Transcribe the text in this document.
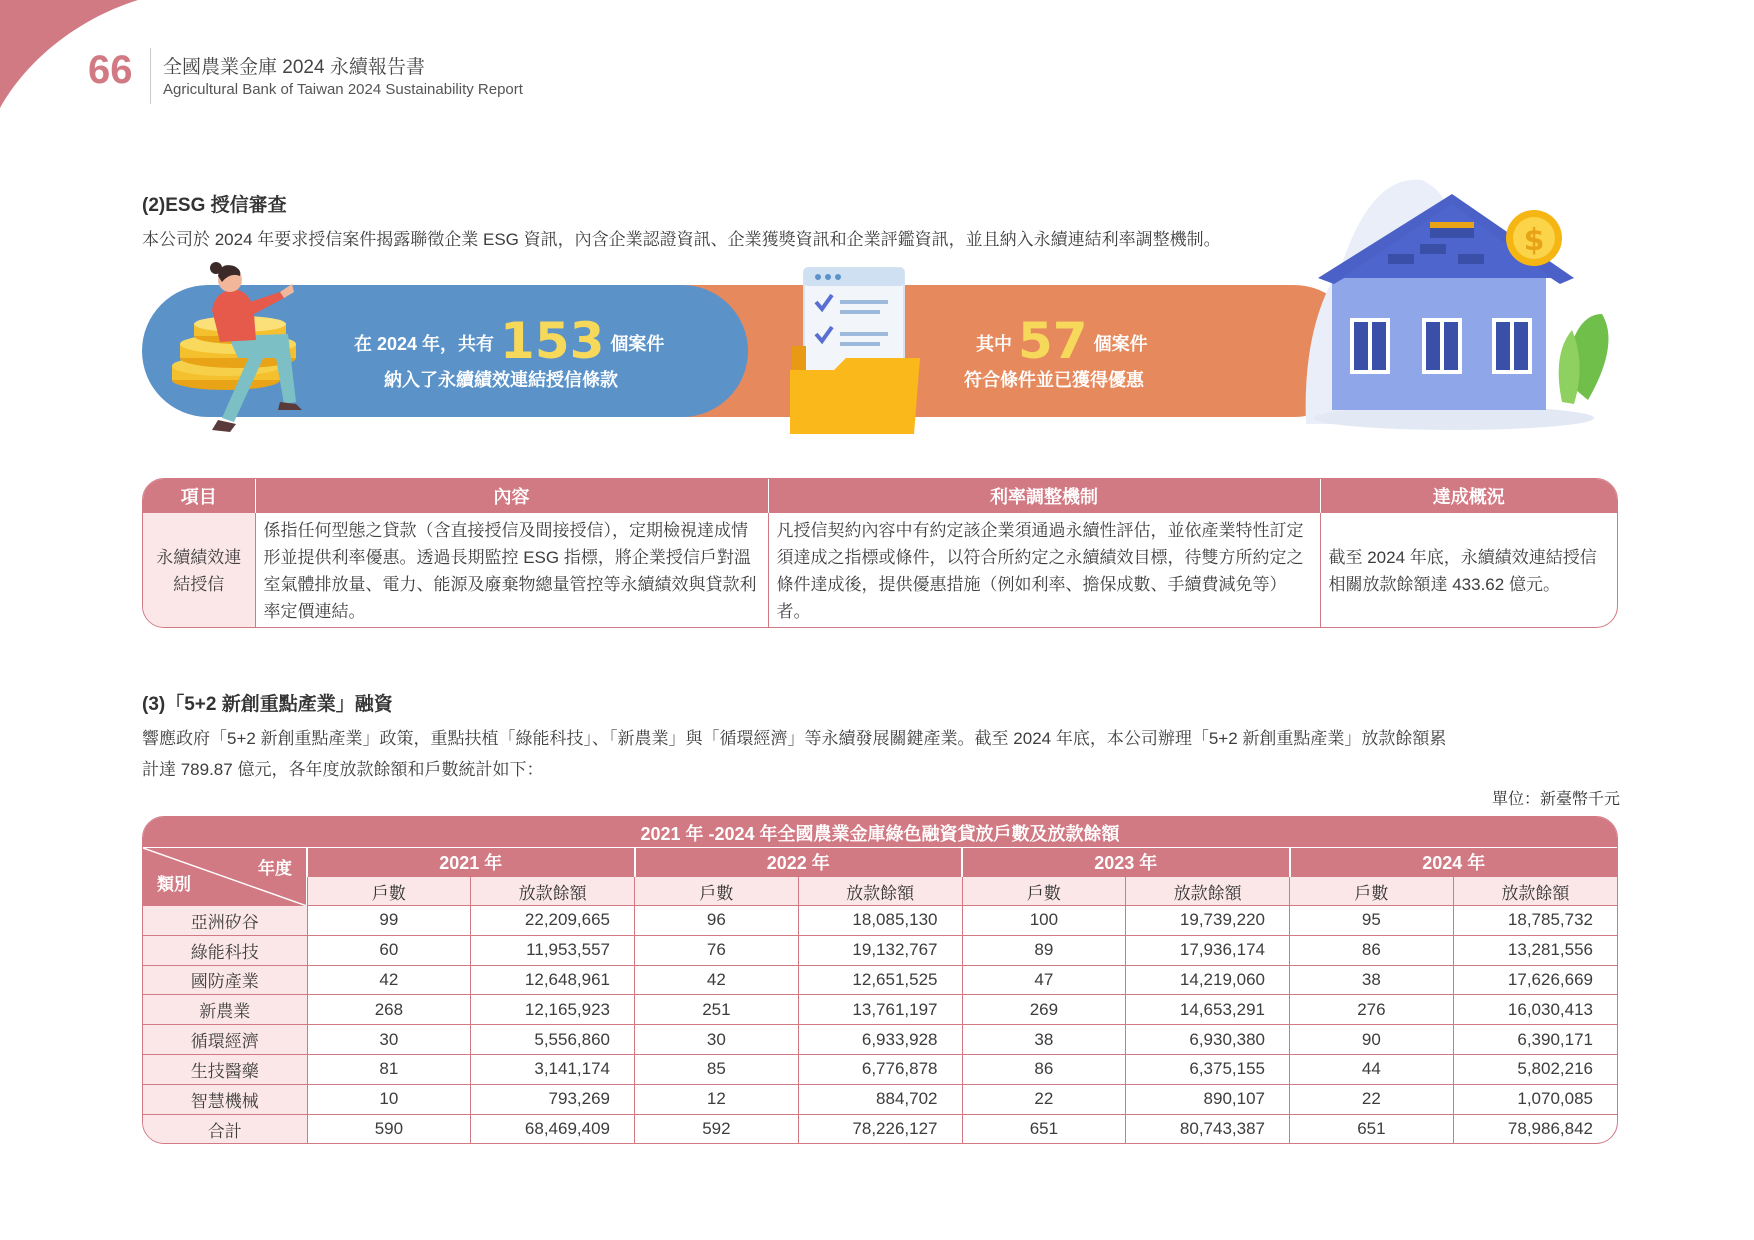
66 全國農業金庫 2024 永續報告書
Agricultural Bank of Taiwan 2024 Sustainability Report
(2)ESG 授信審查
本公司於 2024 年要求授信案件揭露聯徵企業 ESG 資訊，內含企業認證資訊、企業獲獎資訊和企業評鑑資訊，並且納入永續連結利率調整機制。
在 2024 年，共有 153 個案件
納入了永續績效連結授信條款
其中 57 個案件
符合條件並已獲得優惠
$
項目	內容	利率調整機制	達成概況
永續績效連
結授信	係指任何型態之貸款（含直接授信及間接授信），定期檢視達成情形並提供利率優惠。透過長期監控 ESG 指標，將企業授信戶對溫室氣體排放量、電力、能源及廢棄物總量管控等永續績效與貸款利率定價連結。	凡授信契約內容中有約定該企業須通過永續性評估，並依產業特性訂定須達成之指標或條件，以符合所約定之永續績效目標，待雙方所約定之條件達成後，提供優惠措施（例如利率、擔保成數、手續費減免等）者。	截至 2024 年底，永續績效連結授信相關放款餘額達 433.62 億元。
(3)「5+2 新創重點產業」融資
響應政府「5+2 新創重點產業」政策，重點扶植「綠能科技」、「新農業」與「循環經濟」等永續發展關鍵產業。截至 2024 年底，本公司辦理「5+2 新創重點產業」放款餘額累
計達 789.87 億元，各年度放款餘額和戶數統計如下：
單位：新臺幣千元
2021 年 -2024 年全國農業金庫綠色融資貸放戶數及放款餘額								

年度
類別	2021 年		2022 年		2023 年		2024 年	
	戶數	放款餘額	戶數	放款餘額	戶數	放款餘額	戶數	放款餘額
亞洲矽谷	99	22,209,665	96	18,085,130	100	19,739,220	95	18,785,732
綠能科技	60	11,953,557	76	19,132,767	89	17,936,174	86	13,281,556
國防產業	42	12,648,961	42	12,651,525	47	14,219,060	38	17,626,669
新農業	268	12,165,923	251	13,761,197	269	14,653,291	276	16,030,413
循環經濟	30	5,556,860	30	6,933,928	38	6,930,380	90	6,390,171
生技醫藥	81	3,141,174	85	6,776,878	86	6,375,155	44	5,802,216
智慧機械	10	793,269	12	884,702	22	890,107	22	1,070,085
合計	590	68,469,409	592	78,226,127	651	80,743,387	651	78,986,842
